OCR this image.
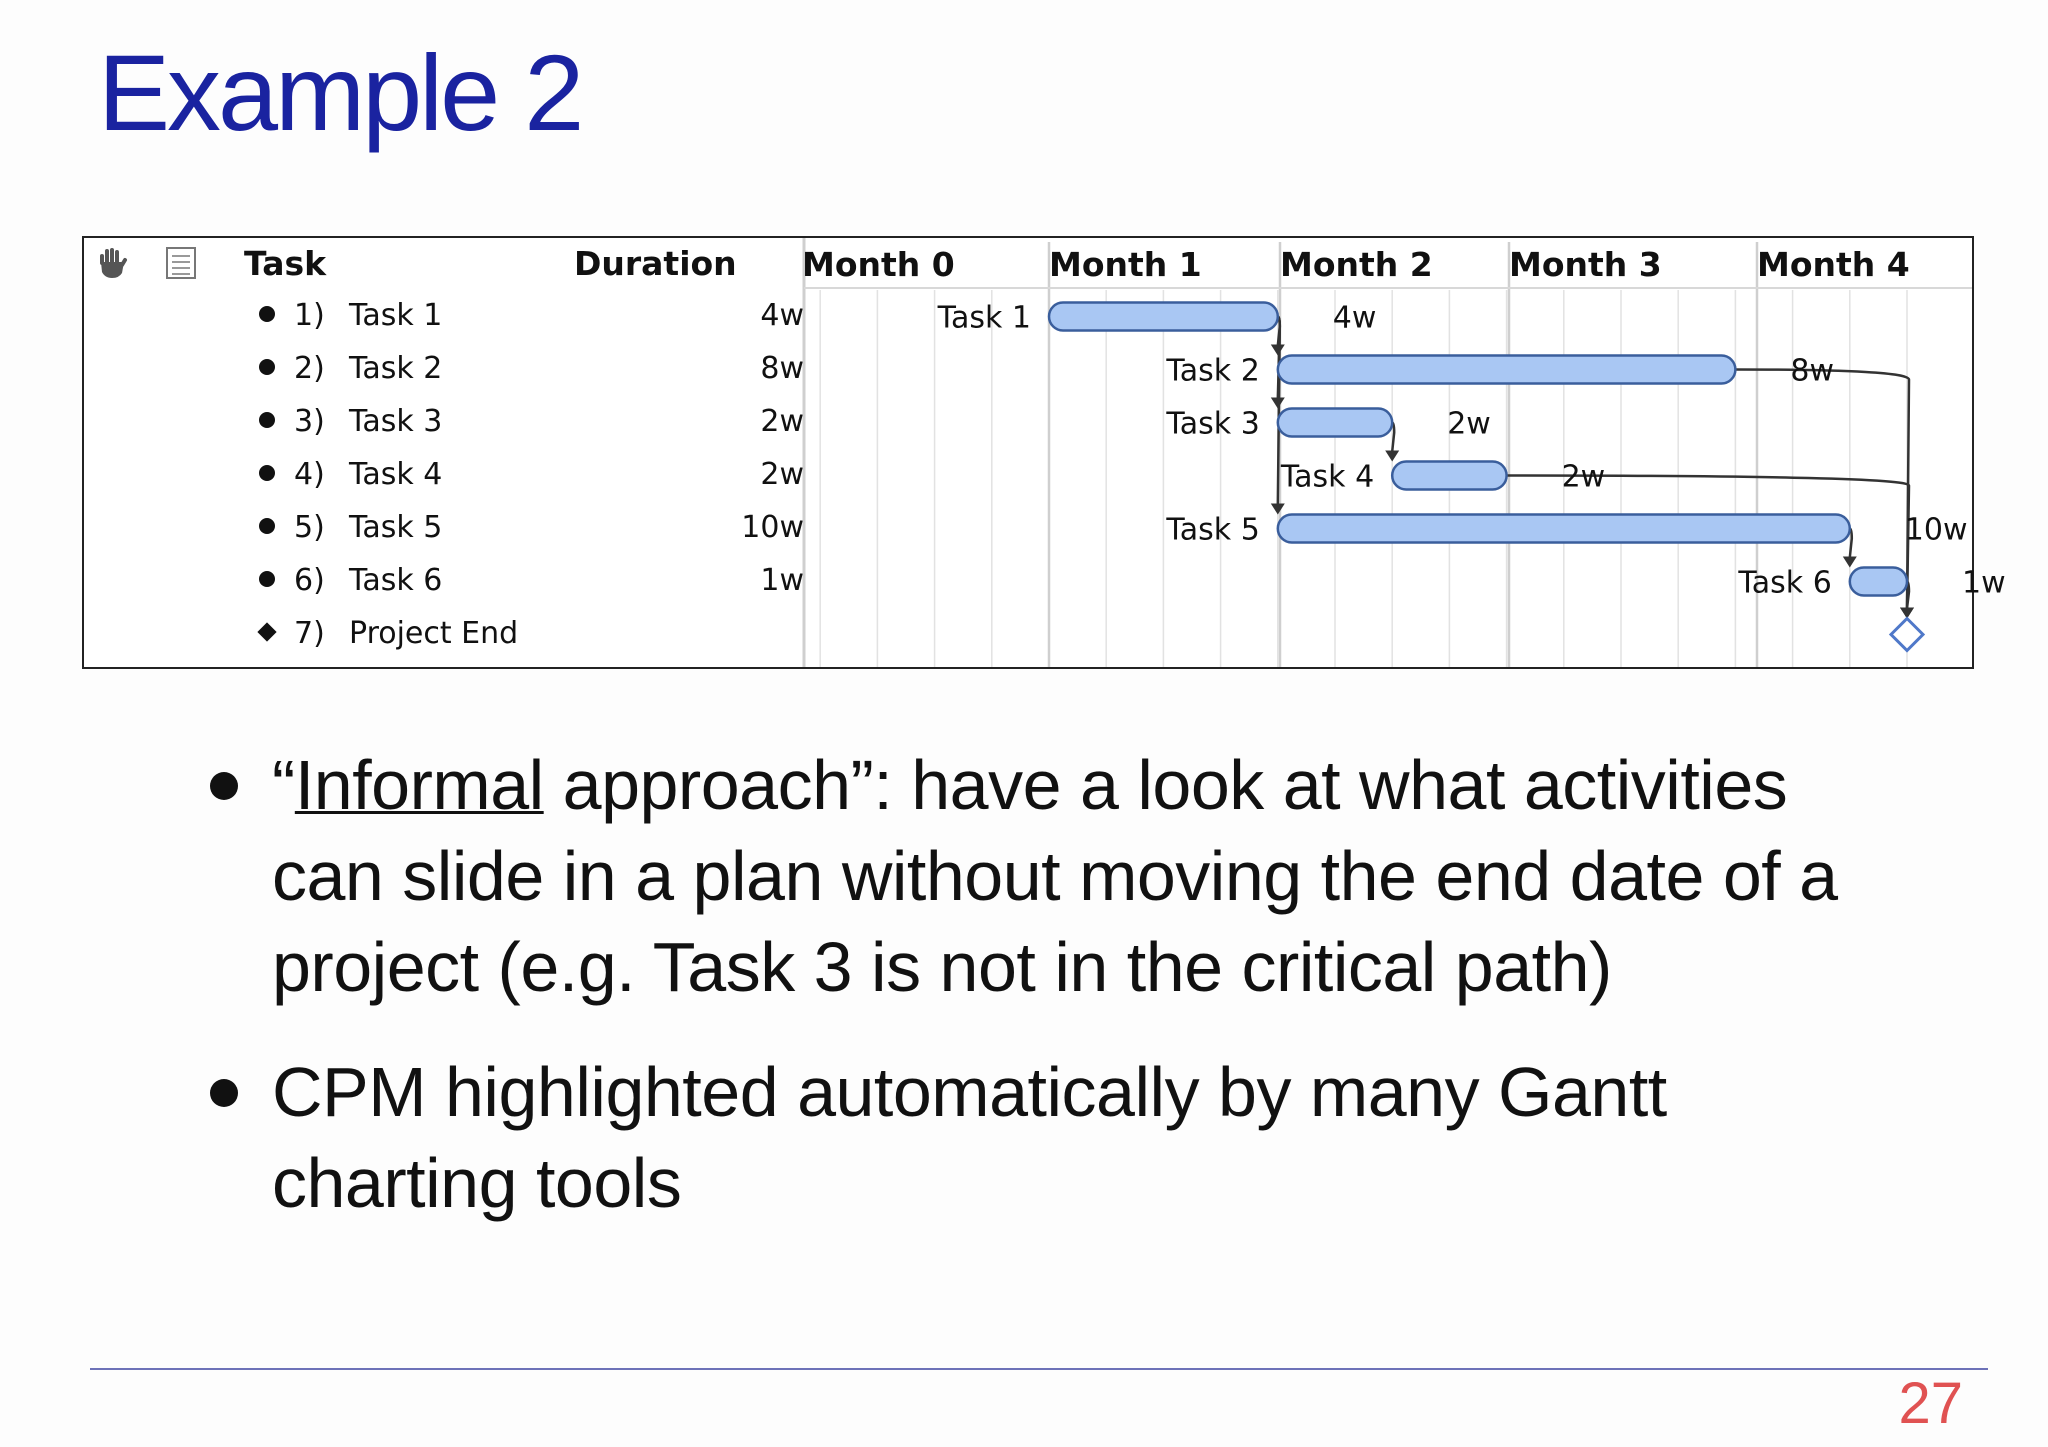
Example 2
Task	Duration
1) Task 1	4w
2) Task 2	8w
3) Task 3	2w
4) Task 4	2w
5) Task 5	10w
6) Task 6	1w
7) Project End
Month 0	Month 1 Month 2 Month 3	Month 4
Task 1	4w
Task 2	8w
Task 3	2w
Task 4	2w
Task 5	10w
Task 6	1w
“Informal approach”: have a look at what activities can slide in a plan without moving the end date of a project (e.g. Task 3 is not in the critical path)
CPM highlighted automatically by many Gantt charting tools
27
